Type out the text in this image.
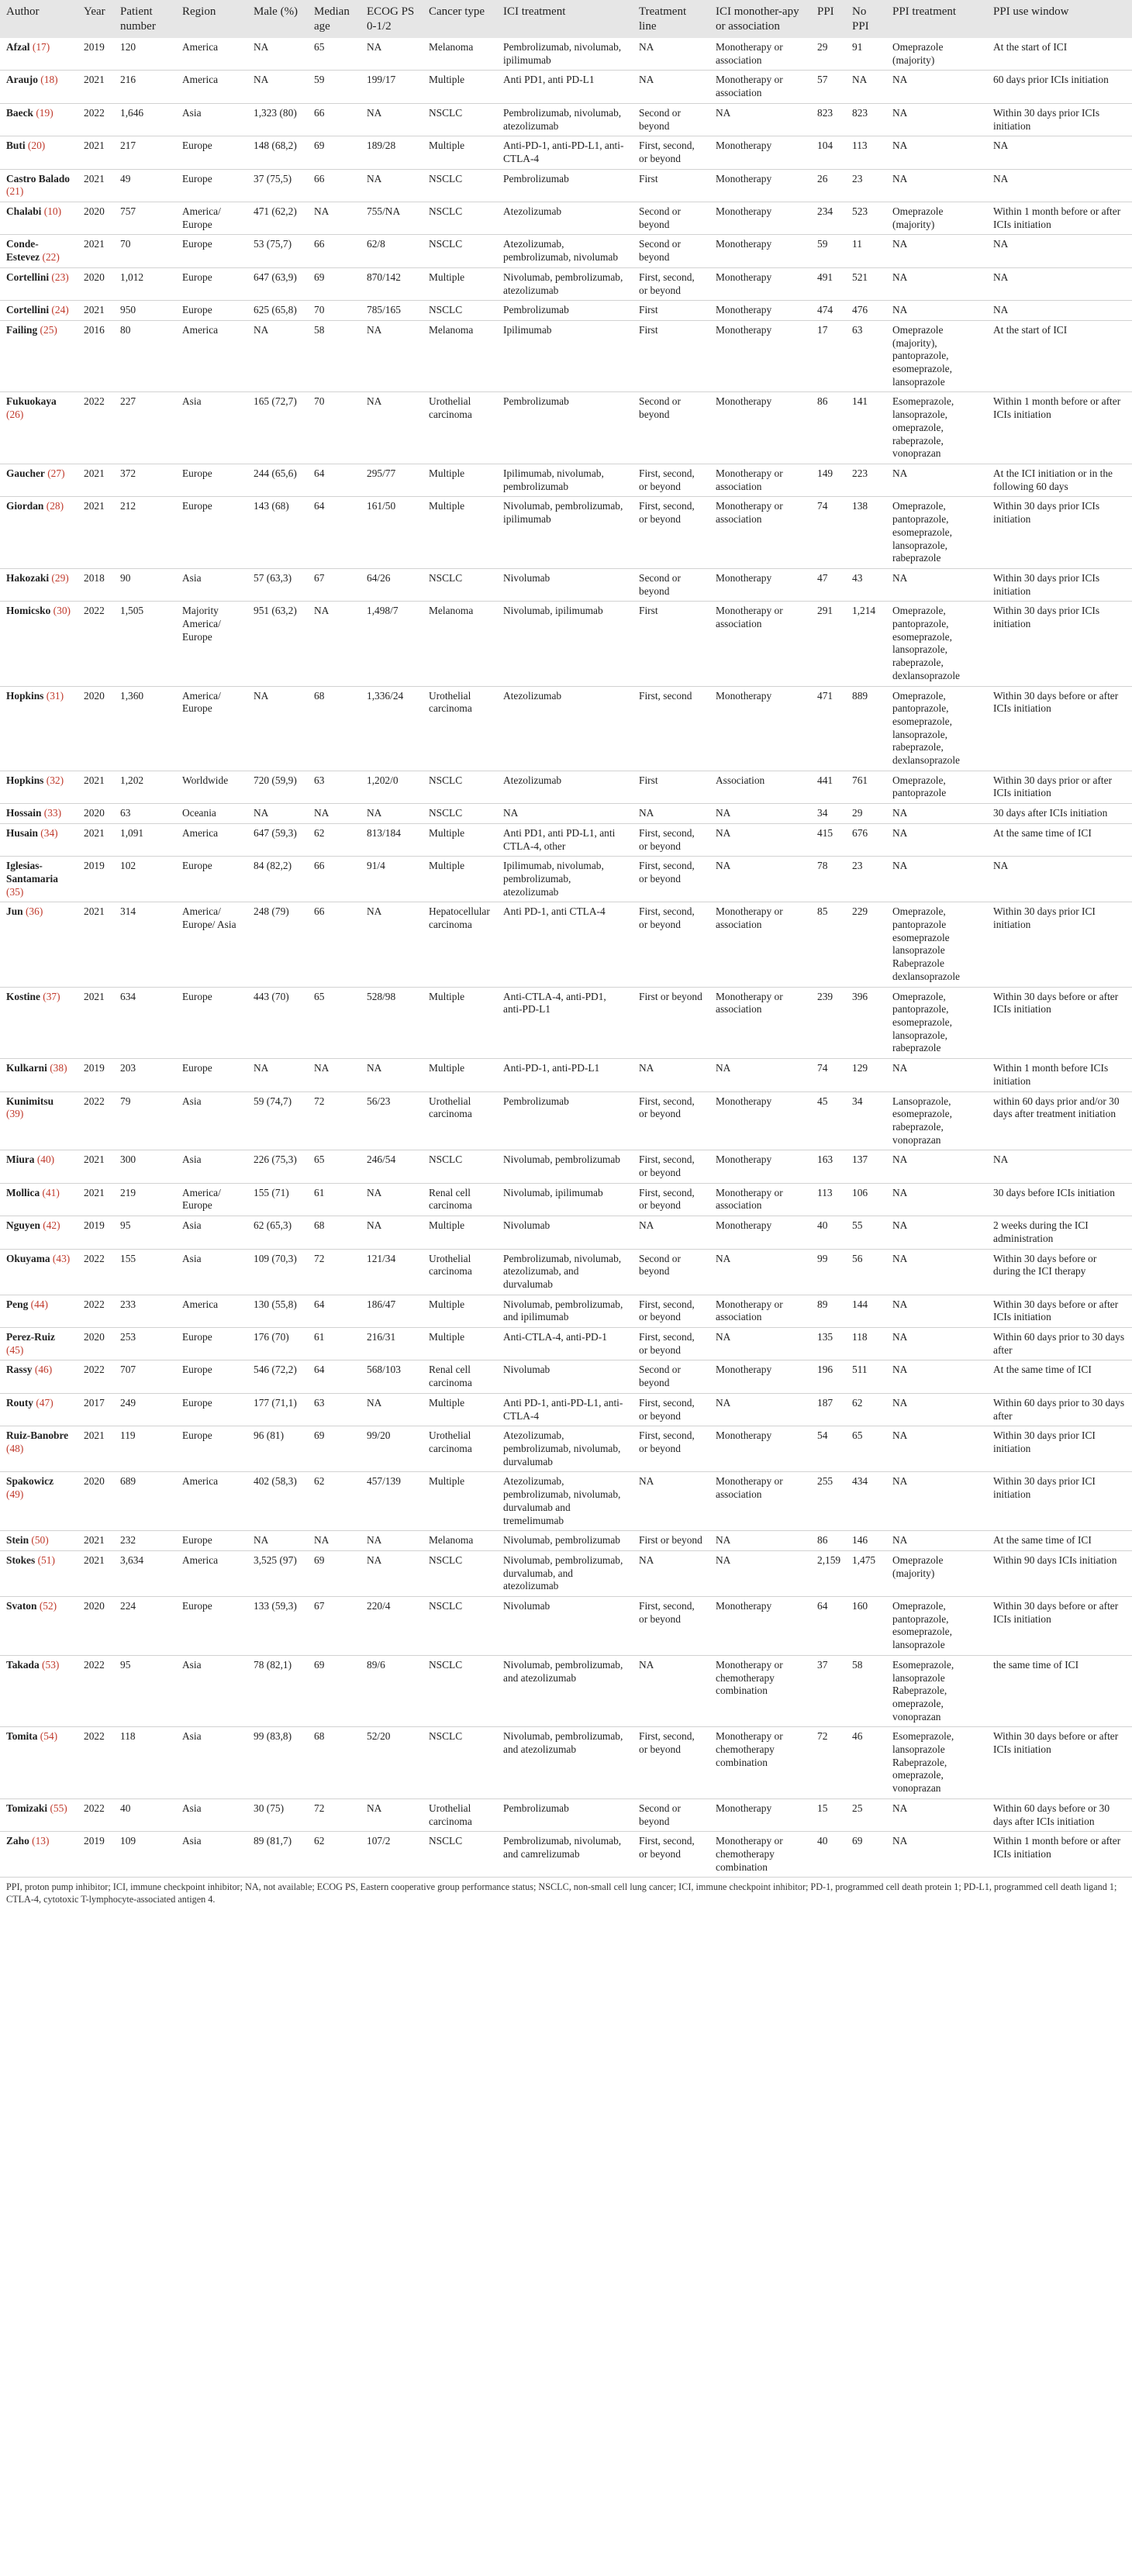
Author	Year	Patient number	Region	Male (%)	Median age	ECOG PS 0-1/2	Cancer type	ICI treatment	Treatment line	ICI monother-apy or association	PPI	No PPI	PPI treatment	PPI use window
Afzal (17)	2019	120	America	NA	65	NA	Melanoma	Pembrolizumab, nivolumab, ipilimumab	NA	Monotherapy or association	29	91	Omeprazole (majority)	At the start of ICI
Araujo (18)	2021	216	America	NA	59	199/17	Multiple	Anti PD1, anti PD-L1	NA	Monotherapy or association	57	NA	NA	60 days prior ICIs initiation
Baeck (19)	2022	1,646	Asia	1,323 (80)	66	NA	NSCLC	Pembrolizumab, nivolumab, atezolizumab	Second or beyond	NA	823	823	NA	Within 30 days prior ICIs initiation
Buti (20)	2021	217	Europe	148 (68,2)	69	189/28	Multiple	Anti-PD-1, anti-PD-L1, anti-CTLA-4	First, second, or beyond	Monotherapy	104	113	NA	NA
Castro Balado (21)	2021	49	Europe	37 (75,5)	66	NA	NSCLC	Pembrolizumab	First	Monotherapy	26	23	NA	NA
Chalabi (10)	2020	757	America/ Europe	471 (62,2)	NA	755/NA	NSCLC	Atezolizumab	Second or beyond	Monotherapy	234	523	Omeprazole (majority)	Within 1 month before or after ICIs initiation
Conde-Estevez (22)	2021	70	Europe	53 (75,7)	66	62/8	NSCLC	Atezolizumab, pembrolizumab, nivolumab	Second or beyond	Monotherapy	59	11	NA	NA
Cortellini (23)	2020	1,012	Europe	647 (63,9)	69	870/142	Multiple	Nivolumab, pembrolizumab, atezolizumab	First, second, or beyond	Monotherapy	491	521	NA	NA
Cortellini (24)	2021	950	Europe	625 (65,8)	70	785/165	NSCLC	Pembrolizumab	First	Monotherapy	474	476	NA	NA
Failing (25)	2016	80	America	NA	58	NA	Melanoma	Ipilimumab	First	Monotherapy	17	63	Omeprazole (majority), pantoprazole, esomeprazole, lansoprazole	At the start of ICI
Fukuokaya (26)	2022	227	Asia	165 (72,7)	70	NA	Urothelial carcinoma	Pembrolizumab	Second or beyond	Monotherapy	86	141	Esomeprazole, lansoprazole, omeprazole, rabeprazole, vonoprazan	Within 1 month before or after ICIs initiation
Gaucher (27)	2021	372	Europe	244 (65,6)	64	295/77	Multiple	Ipilimumab, nivolumab, pembrolizumab	First, second, or beyond	Monotherapy or association	149	223	NA	At the ICI initiation or in the following 60 days
Giordan (28)	2021	212	Europe	143 (68)	64	161/50	Multiple	Nivolumab, pembrolizumab, ipilimumab	First, second, or beyond	Monotherapy or association	74	138	Omeprazole, pantoprazole, esomeprazole, lansoprazole, rabeprazole	Within 30 days prior ICIs initiation
Hakozaki (29)	2018	90	Asia	57 (63,3)	67	64/26	NSCLC	Nivolumab	Second or beyond	Monotherapy	47	43	NA	Within 30 days prior ICIs initiation
Homicsko (30)	2022	1,505	Majority America/ Europe	951 (63,2)	NA	1,498/7	Melanoma	Nivolumab, ipilimumab	First	Monotherapy or association	291	1,214	Omeprazole, pantoprazole, esomeprazole, lansoprazole, rabeprazole, dexlansoprazole	Within 30 days prior ICIs initiation
Hopkins (31)	2020	1,360	America/ Europe	NA	68	1,336/24	Urothelial carcinoma	Atezolizumab	First, second	Monotherapy	471	889	Omeprazole, pantoprazole, esomeprazole, lansoprazole, rabeprazole, dexlansoprazole	Within 30 days before or after ICIs initiation
Hopkins (32)	2021	1,202	Worldwide	720 (59,9)	63	1,202/0	NSCLC	Atezolizumab	First	Association	441	761	Omeprazole, pantoprazole	Within 30 days prior or after ICIs initiation
Hossain (33)	2020	63	Oceania	NA	NA	NA	NSCLC	NA	NA	NA	34	29	NA	30 days after ICIs initiation
Husain (34)	2021	1,091	America	647 (59,3)	62	813/184	Multiple	Anti PD1, anti PD-L1, anti CTLA-4, other	First, second, or beyond	NA	415	676	NA	At the same time of ICI
Iglesias-Santamaria (35)	2019	102	Europe	84 (82,2)	66	91/4	Multiple	Ipilimumab, nivolumab, pembrolizumab, atezolizumab	First, second, or beyond	NA	78	23	NA	NA
Jun (36)	2021	314	America/ Europe/ Asia	248 (79)	66	NA	Hepatocellular carcinoma	Anti PD-1, anti CTLA-4	First, second, or beyond	Monotherapy or association	85	229	Omeprazole, pantoprazole esomeprazole lansoprazole Rabeprazole dexlansoprazole	Within 30 days prior ICI initiation
Kostine (37)	2021	634	Europe	443 (70)	65	528/98	Multiple	Anti-CTLA-4, anti-PD1, anti-PD-L1	First or beyond	Monotherapy or association	239	396	Omeprazole, pantoprazole, esomeprazole, lansoprazole, rabeprazole	Within 30 days before or after ICIs initiation
Kulkarni (38)	2019	203	Europe	NA	NA	NA	Multiple	Anti-PD-1, anti-PD-L1	NA	NA	74	129	NA	Within 1 month before ICIs initiation
Kunimitsu (39)	2022	79	Asia	59 (74,7)	72	56/23	Urothelial carcinoma	Pembrolizumab	First, second, or beyond	Monotherapy	45	34	Lansoprazole, esomeprazole, rabeprazole, vonoprazan	within 60 days prior and/or 30 days after treatment initiation
Miura (40)	2021	300	Asia	226 (75,3)	65	246/54	NSCLC	Nivolumab, pembrolizumab	First, second, or beyond	Monotherapy	163	137	NA	NA
Mollica (41)	2021	219	America/ Europe	155 (71)	61	NA	Renal cell carcinoma	Nivolumab, ipilimumab	First, second, or beyond	Monotherapy or association	113	106	NA	30 days before ICIs initiation
Nguyen (42)	2019	95	Asia	62 (65,3)	68	NA	Multiple	Nivolumab	NA	Monotherapy	40	55	NA	2 weeks during the ICI administration
Okuyama (43)	2022	155	Asia	109 (70,3)	72	121/34	Urothelial carcinoma	Pembrolizumab, nivolumab, atezolizumab, and durvalumab	Second or beyond	NA	99	56	NA	Within 30 days before or during the ICI therapy
Peng (44)	2022	233	America	130 (55,8)	64	186/47	Multiple	Nivolumab, pembrolizumab, and ipilimumab	First, second, or beyond	Monotherapy or association	89	144	NA	Within 30 days before or after ICIs initiation
Perez-Ruiz (45)	2020	253	Europe	176 (70)	61	216/31	Multiple	Anti-CTLA-4, anti-PD-1	First, second, or beyond	NA	135	118	NA	Within 60 days prior to 30 days after
Rassy (46)	2022	707	Europe	546 (72,2)	64	568/103	Renal cell carcinoma	Nivolumab	Second or beyond	Monotherapy	196	511	NA	At the same time of ICI
Routy (47)	2017	249	Europe	177 (71,1)	63	NA	Multiple	Anti PD-1, anti-PD-L1, anti-CTLA-4	First, second, or beyond	NA	187	62	NA	Within 60 days prior to 30 days after
Ruiz-Banobre (48)	2021	119	Europe	96 (81)	69	99/20	Urothelial carcinoma	Atezolizumab, pembrolizumab, nivolumab, durvalumab	First, second, or beyond	Monotherapy	54	65	NA	Within 30 days prior ICI initiation
Spakowicz (49)	2020	689	America	402 (58,3)	62	457/139	Multiple	Atezolizumab, pembrolizumab, nivolumab, durvalumab and tremelimumab	NA	Monotherapy or association	255	434	NA	Within 30 days prior ICI initiation
Stein (50)	2021	232	Europe	NA	NA	NA	Melanoma	Nivolumab, pembrolizumab	First or beyond	NA	86	146	NA	At the same time of ICI
Stokes (51)	2021	3,634	America	3,525 (97)	69	NA	NSCLC	Nivolumab, pembrolizumab, durvalumab, and atezolizumab	NA	NA	2,159	1,475	Omeprazole (majority)	Within 90 days ICIs initiation
Svaton (52)	2020	224	Europe	133 (59,3)	67	220/4	NSCLC	Nivolumab	First, second, or beyond	Monotherapy	64	160	Omeprazole, pantoprazole, esomeprazole, lansoprazole	Within 30 days before or after ICIs initiation
Takada (53)	2022	95	Asia	78 (82,1)	69	89/6	NSCLC	Nivolumab, pembrolizumab, and atezolizumab	NA	Monotherapy or chemotherapy combination	37	58	Esomeprazole, lansoprazole Rabeprazole, omeprazole, vonoprazan	the same time of ICI
Tomita (54)	2022	118	Asia	99 (83,8)	68	52/20	NSCLC	Nivolumab, pembrolizumab, and atezolizumab	First, second, or beyond	Monotherapy or chemotherapy combination	72	46	Esomeprazole, lansoprazole Rabeprazole, omeprazole, vonoprazan	Within 30 days before or after ICIs initiation
Tomizaki (55)	2022	40	Asia	30 (75)	72	NA	Urothelial carcinoma	Pembrolizumab	Second or beyond	Monotherapy	15	25	NA	Within 60 days before or 30 days after ICIs initiation
Zaho (13)	2019	109	Asia	89 (81,7)	62	107/2	NSCLC	Pembrolizumab, nivolumab, and camrelizumab	First, second, or beyond	Monotherapy or chemotherapy combination	40	69	NA	Within 1 month before or after ICIs initiation
PPI, proton pump inhibitor; ICI, immune checkpoint inhibitor; NA, not available; ECOG PS, Eastern cooperative group performance status; NSCLC, non-small cell lung cancer; ICI, immune checkpoint inhibitor; PD-1, programmed cell death protein 1; PD-L1, programmed cell death ligand 1; CTLA-4, cytotoxic T-lymphocyte-associated antigen 4.														
